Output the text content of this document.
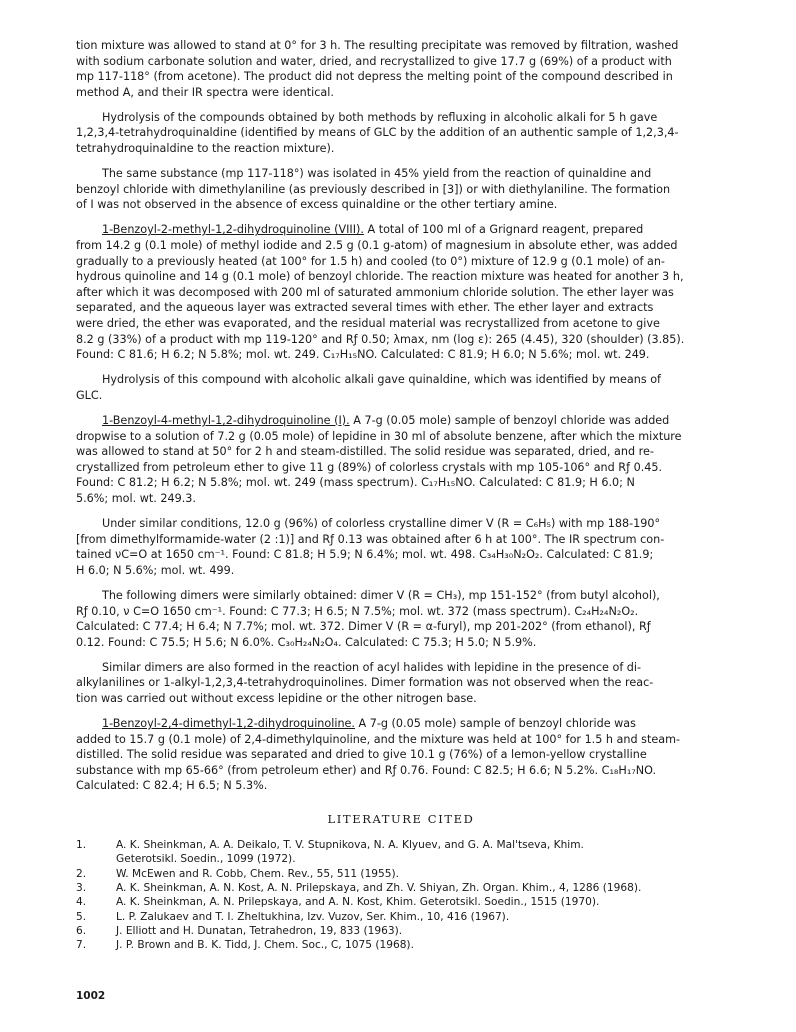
tion mixture was allowed to stand at 0° for 3 h. The resulting precipitate was removed by filtration, washed
with sodium carbonate solution and water, dried, and recrystallized to give 17.7 g (69%) of a product with
mp 117-118° (from acetone). The product did not depress the melting point of the compound described in
method A, and their IR spectra were identical.
Hydrolysis of the compounds obtained by both methods by refluxing in alcoholic alkali for 5 h gave
1,2,3,4-tetrahydroquinaldine (identified by means of GLC by the addition of an authentic sample of 1,2,3,4-
tetrahydroquinaldine to the reaction mixture).
The same substance (mp 117-118°) was isolated in 45% yield from the reaction of quinaldine and
benzoyl chloride with dimethylaniline (as previously described in [3]) or with diethylaniline. The formation
of I was not observed in the absence of excess quinaldine or the other tertiary amine.
1-Benzoyl-2-methyl-1,2-dihydroquinoline (VIII). A total of 100 ml of a Grignard reagent, prepared
from 14.2 g (0.1 mole) of methyl iodide and 2.5 g (0.1 g-atom) of magnesium in absolute ether, was added
gradually to a previously heated (at 100° for 1.5 h) and cooled (to 0°) mixture of 12.9 g (0.1 mole) of an-
hydrous quinoline and 14 g (0.1 mole) of benzoyl chloride. The reaction mixture was heated for another 3 h,
after which it was decomposed with 200 ml of saturated ammonium chloride solution. The ether layer was
separated, and the aqueous layer was extracted several times with ether. The ether layer and extracts
were dried, the ether was evaporated, and the residual material was recrystallized from acetone to give
8.2 g (33%) of a product with mp 119-120° and Rƒ 0.50; λmax, nm (log ε): 265 (4.45), 320 (shoulder) (3.85).
Found: C 81.6; H 6.2; N 5.8%; mol. wt. 249. C₁₇H₁₅NO. Calculated: C 81.9; H 6.0; N 5.6%; mol. wt. 249.
Hydrolysis of this compound with alcoholic alkali gave quinaldine, which was identified by means of
GLC.
1-Benzoyl-4-methyl-1,2-dihydroquinoline (I). A 7-g (0.05 mole) sample of benzoyl chloride was added
dropwise to a solution of 7.2 g (0.05 mole) of lepidine in 30 ml of absolute benzene, after which the mixture
was allowed to stand at 50° for 2 h and steam-distilled. The solid residue was separated, dried, and re-
crystallized from petroleum ether to give 11 g (89%) of colorless crystals with mp 105-106° and Rƒ 0.45.
Found: C 81.2; H 6.2; N 5.8%; mol. wt. 249 (mass spectrum). C₁₇H₁₅NO. Calculated: C 81.9; H 6.0; N
5.6%; mol. wt. 249.3.
Under similar conditions, 12.0 g (96%) of colorless crystalline dimer V (R = C₆H₅) with mp 188-190°
[from dimethylformamide-water (2 :1)] and Rƒ 0.13 was obtained after 6 h at 100°. The IR spectrum con-
tained νC=O at 1650 cm⁻¹. Found: C 81.8; H 5.9; N 6.4%; mol. wt. 498. C₃₄H₃₀N₂O₂. Calculated: C 81.9;
H 6.0; N 5.6%; mol. wt. 499.
The following dimers were similarly obtained: dimer V (R = CH₃), mp 151-152° (from butyl alcohol),
Rƒ 0.10, ν C=O 1650 cm⁻¹. Found: C 77.3; H 6.5; N 7.5%; mol. wt. 372 (mass spectrum). C₂₄H₂₄N₂O₂.
Calculated: C 77.4; H 6.4; N 7.7%; mol. wt. 372. Dimer V (R = α-furyl), mp 201-202° (from ethanol), Rƒ
0.12. Found: C 75.5; H 5.6; N 6.0%. C₃₀H₂₄N₂O₄. Calculated: C 75.3; H 5.0; N 5.9%.
Similar dimers are also formed in the reaction of acyl halides with lepidine in the presence of di-
alkylanilines or 1-alkyl-1,2,3,4-tetrahydroquinolines. Dimer formation was not observed when the reac-
tion was carried out without excess lepidine or the other nitrogen base.
1-Benzoyl-2,4-dimethyl-1,2-dihydroquinoline. A 7-g (0.05 mole) sample of benzoyl chloride was
added to 15.7 g (0.1 mole) of 2,4-dimethylquinoline, and the mixture was held at 100° for 1.5 h and steam-
distilled. The solid residue was separated and dried to give 10.1 g (76%) of a lemon-yellow crystalline
substance with mp 65-66° (from petroleum ether) and Rƒ 0.76. Found: C 82.5; H 6.6; N 5.2%. C₁₈H₁₇NO.
Calculated: C 82.4; H 6.5; N 5.3%.
LITERATURE CITED
1.	A. K. Sheinkman, A. A. Deikalo, T. V. Stupnikova, N. A. Klyuev, and G. A. Mal'tseva, Khim.
Geterotsikl. Soedin., 1099 (1972).
2.	W. McEwen and R. Cobb, Chem. Rev., 55, 511 (1955).
3.	A. K. Sheinkman, A. N. Kost, A. N. Prilepskaya, and Zh. V. Shiyan, Zh. Organ. Khim., 4, 1286 (1968).
4.	A. K. Sheinkman, A. N. Prilepskaya, and A. N. Kost, Khim. Geterotsikl. Soedin., 1515 (1970).
5.	L. P. Zalukaev and T. I. Zheltukhina, Izv. Vuzov, Ser. Khim., 10, 416 (1967).
6.	J. Elliott and H. Dunatan, Tetrahedron, 19, 833 (1963).
7.	J. P. Brown and B. K. Tidd, J. Chem. Soc., C, 1075 (1968).
1002
